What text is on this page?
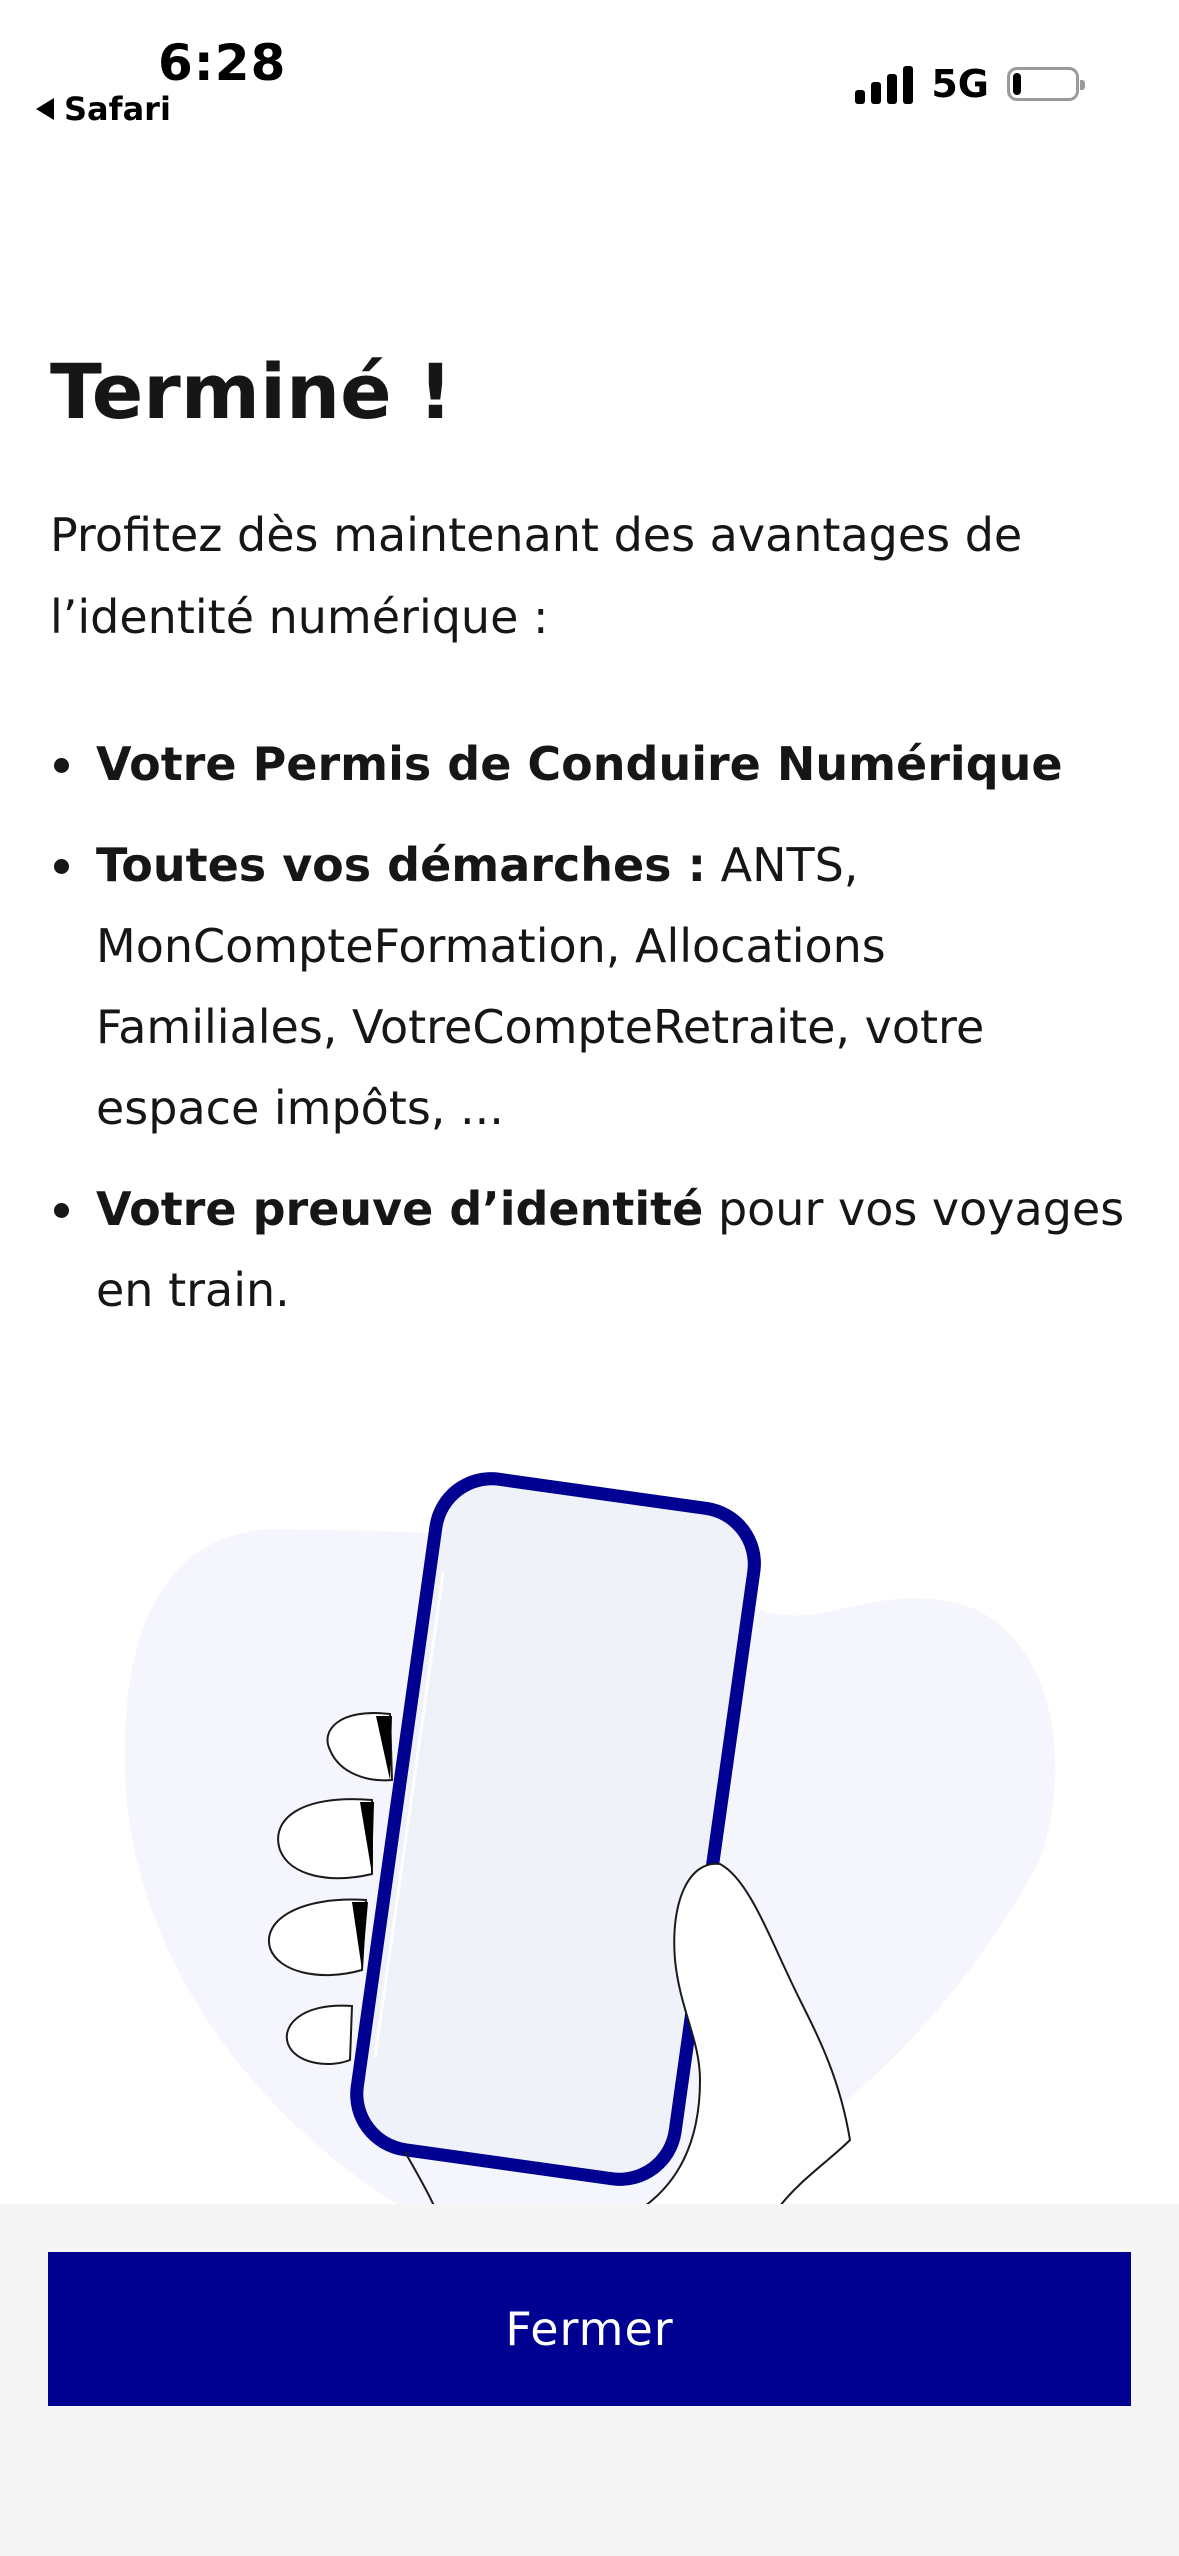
6:28
Safari
5G
Terminé !

Profitez dès maintenant des avantages de l’identité numérique :

Votre Permis de Conduire Numérique
Toutes vos démarches : ANTS, MonCompteFormation, Allocations Familiales, VotreCompteRetraite, votre espace impôts, ...
Votre preuve d’identité pour vos voyages en train.
Fermer
